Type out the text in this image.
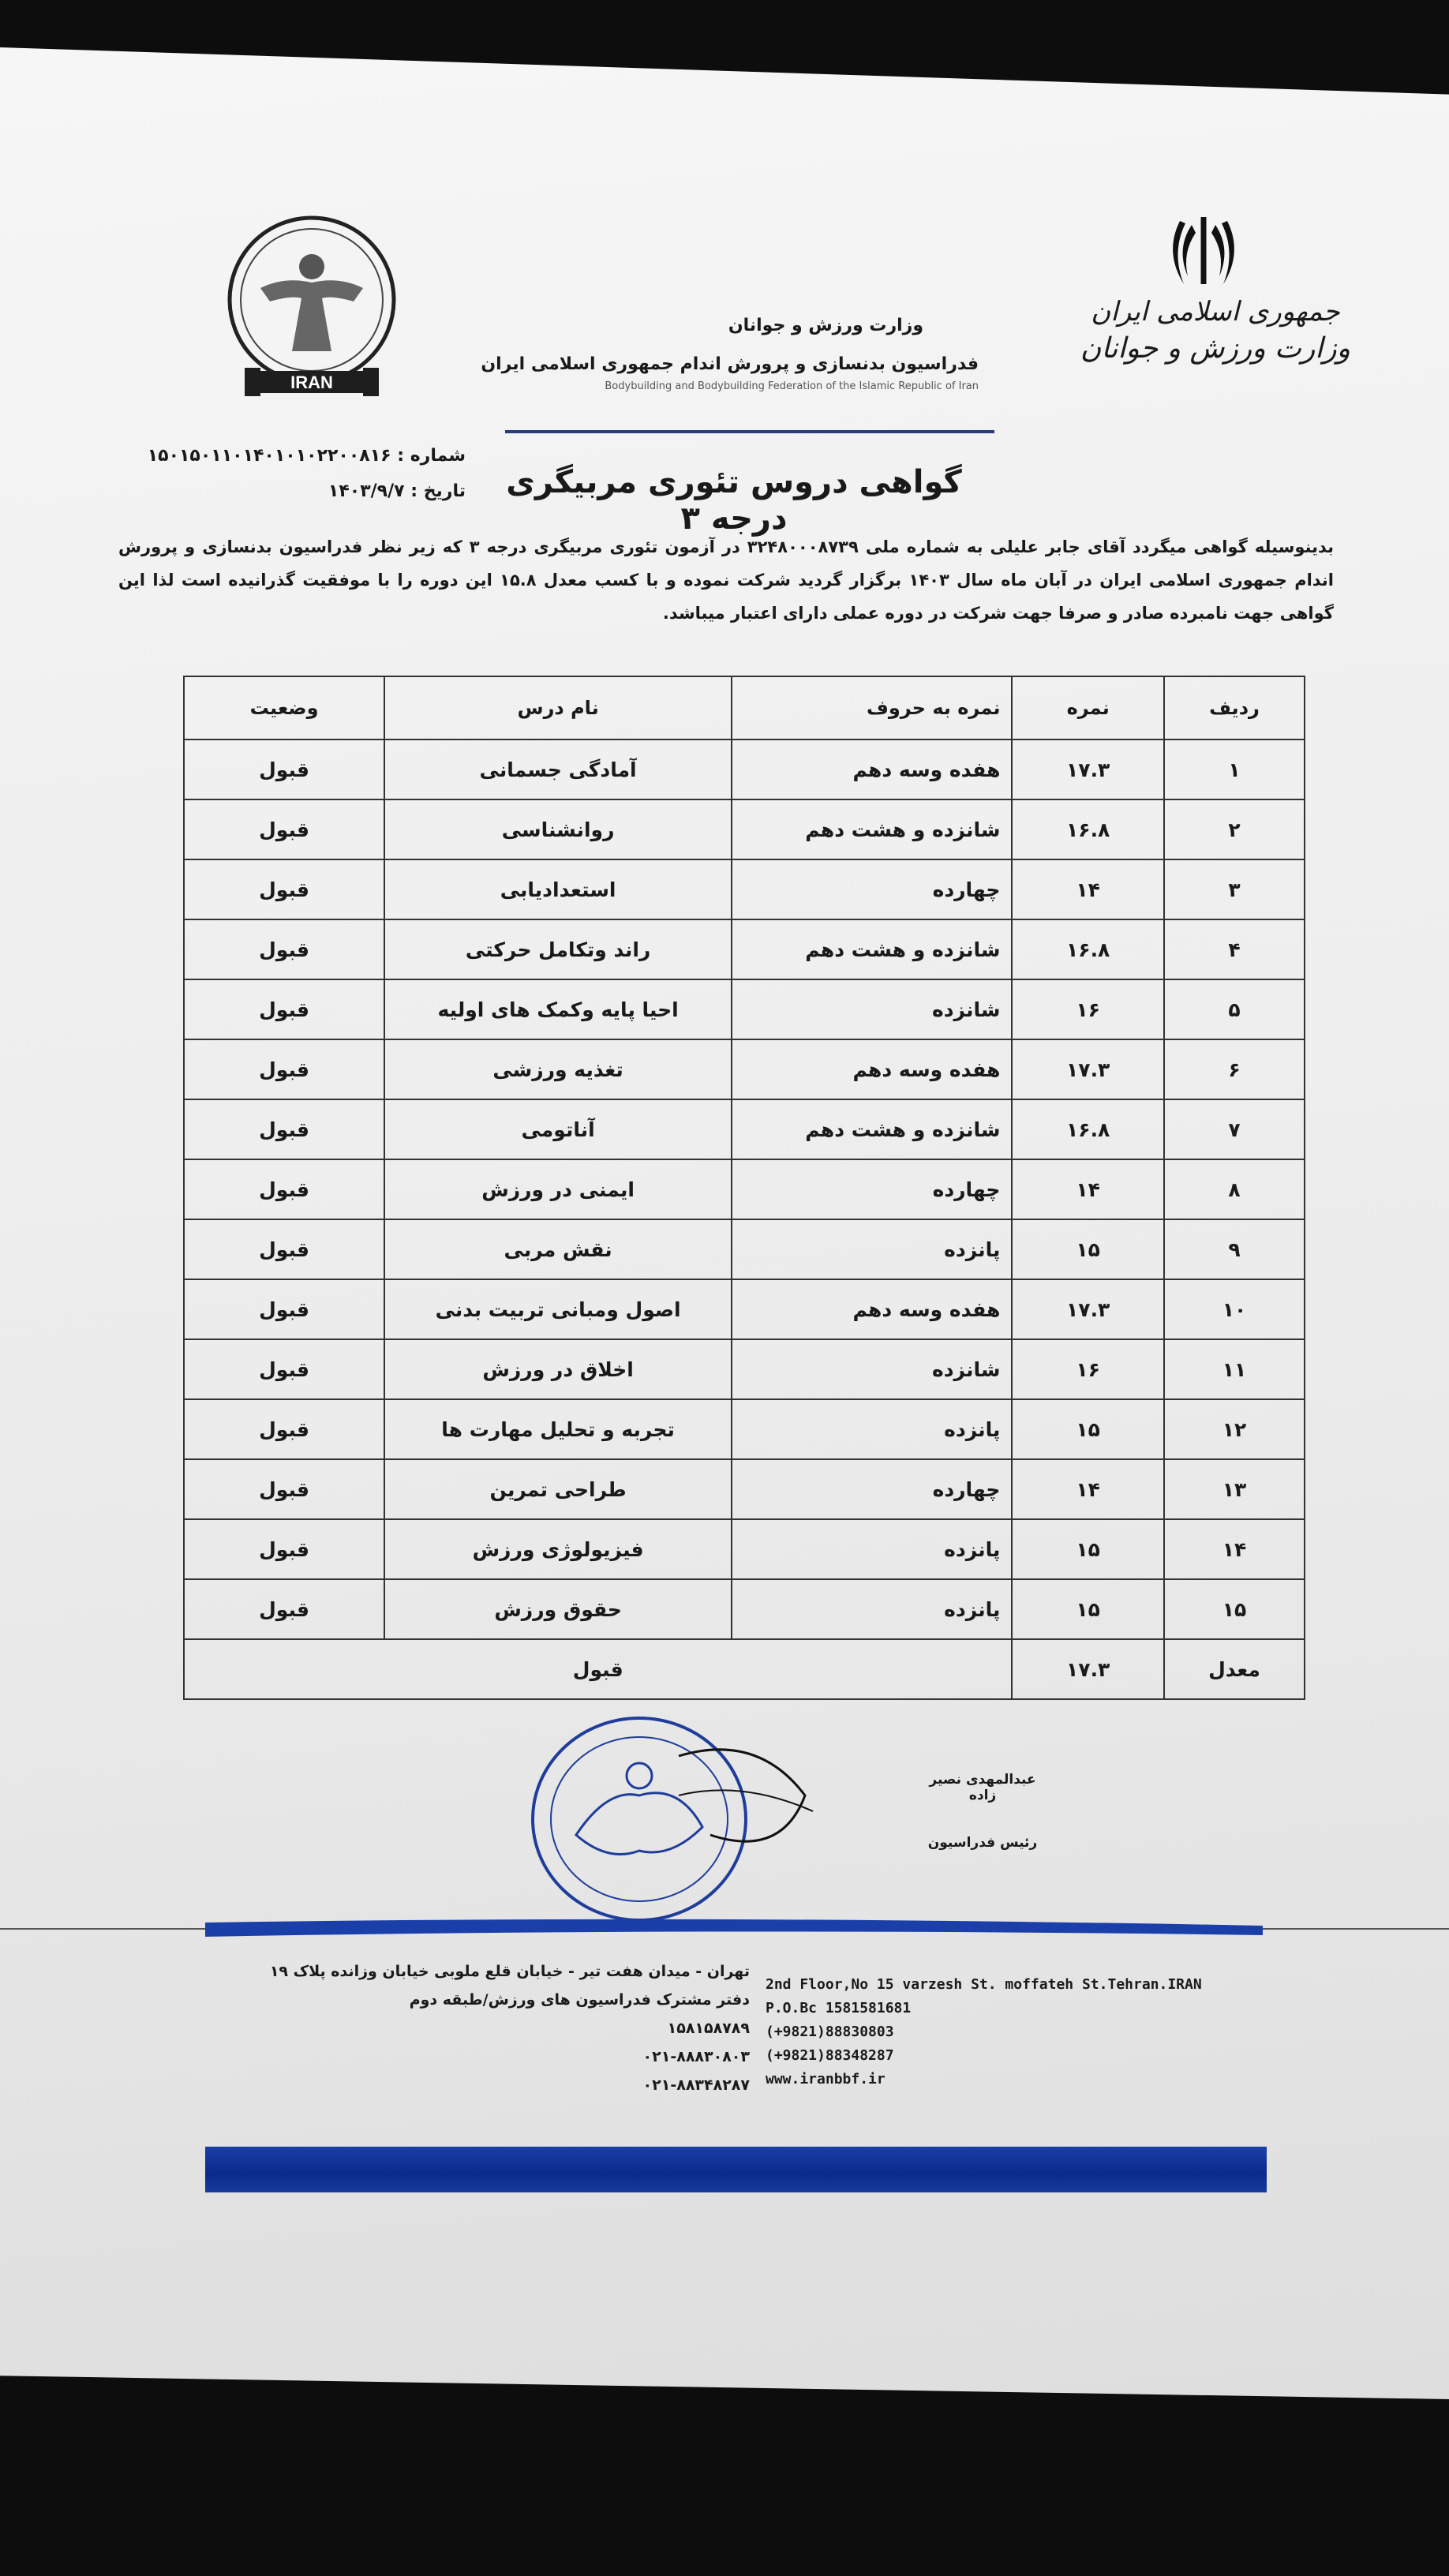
IRAN
وزارت ورزش و جوانان
فدراسیون بدنسازی و پرورش اندام جمهوری اسلامی ایران
Bodybuilding and Bodybuilding Federation of the Islamic Republic of Iran
جمهوری اسلامی ایران
وزارت ورزش و جوانان
شماره : ۱۵۰۱۵۰۱۱۰۱۴۰۱۰۱۰۲۲۰۰۸۱۶
تاریخ : ۱۴۰۳/۹/۷	گواهی دروس تئوری مربیگری درجه ۳
بدینوسیله گواهی میگردد آقای جابر علیلی به شماره ملی ۳۲۴۸۰۰۰۸۷۳۹ در آزمون تئوری مربیگری درجه ۳ که زیر نظر فدراسیون بدنسازی و پرورش اندام جمهوری اسلامی ایران در آبان ماه سال ۱۴۰۳ برگزار گردید شرکت نموده و با کسب معدل ۱۵.۸ این دوره را با موفقیت گذرانیده است لذا این گواهی جهت نامبرده صادر و صرفا جهت شرکت در دوره عملی دارای اعتبار میباشد.
ردیف	نمره	نمره به حروف	نام درس	وضعیت
۱	۱۷.۳	هفده وسه دهم	آمادگی جسمانی	قبول
۲	۱۶.۸	شانزده و هشت دهم	روانشناسی	قبول
۳	۱۴	چهارده	استعدادیابی	قبول
۴	۱۶.۸	شانزده و هشت دهم	راند وتکامل حرکتی	قبول
۵	۱۶	شانزده	احیا پایه وکمک های اولیه	قبول
۶	۱۷.۳	هفده وسه دهم	تغذیه ورزشی	قبول
۷	۱۶.۸	شانزده و هشت دهم	آناتومی	قبول
۸	۱۴	چهارده	ایمنی در ورزش	قبول
۹	۱۵	پانزده	نقش مربی	قبول
۱۰	۱۷.۳	هفده وسه دهم	اصول ومبانی تربیت بدنی	قبول
۱۱	۱۶	شانزده	اخلاق در ورزش	قبول
۱۲	۱۵	پانزده	تجربه و تحلیل مهارت ها	قبول
۱۳	۱۴	چهارده	طراحی تمرین	قبول
۱۴	۱۵	پانزده	فیزیولوژی ورزش	قبول
۱۵	۱۵	پانزده	حقوق ورزش	قبول
معدل	۱۷.۳	قبول		
عبدالمهدی نصیر زاده
رئیس فدراسیون
تهران - میدان هفت تیر - خیابان قلع ملوبی خیابان وزانده پلاک ۱۹
دفتر مشترک فدراسیون های ورزش/طبقه دوم
۱۵۸۱۵۸۷۸۹
۰۲۱-۸۸۸۳۰۸۰۳
۰۲۱-۸۸۳۴۸۲۸۷
2nd Floor,No 15 varzesh St. moffateh St.Tehran.IRAN
P.O.Bc 1581581681
(+9821)88830803
(+9821)88348287
www.iranbbf.ir
